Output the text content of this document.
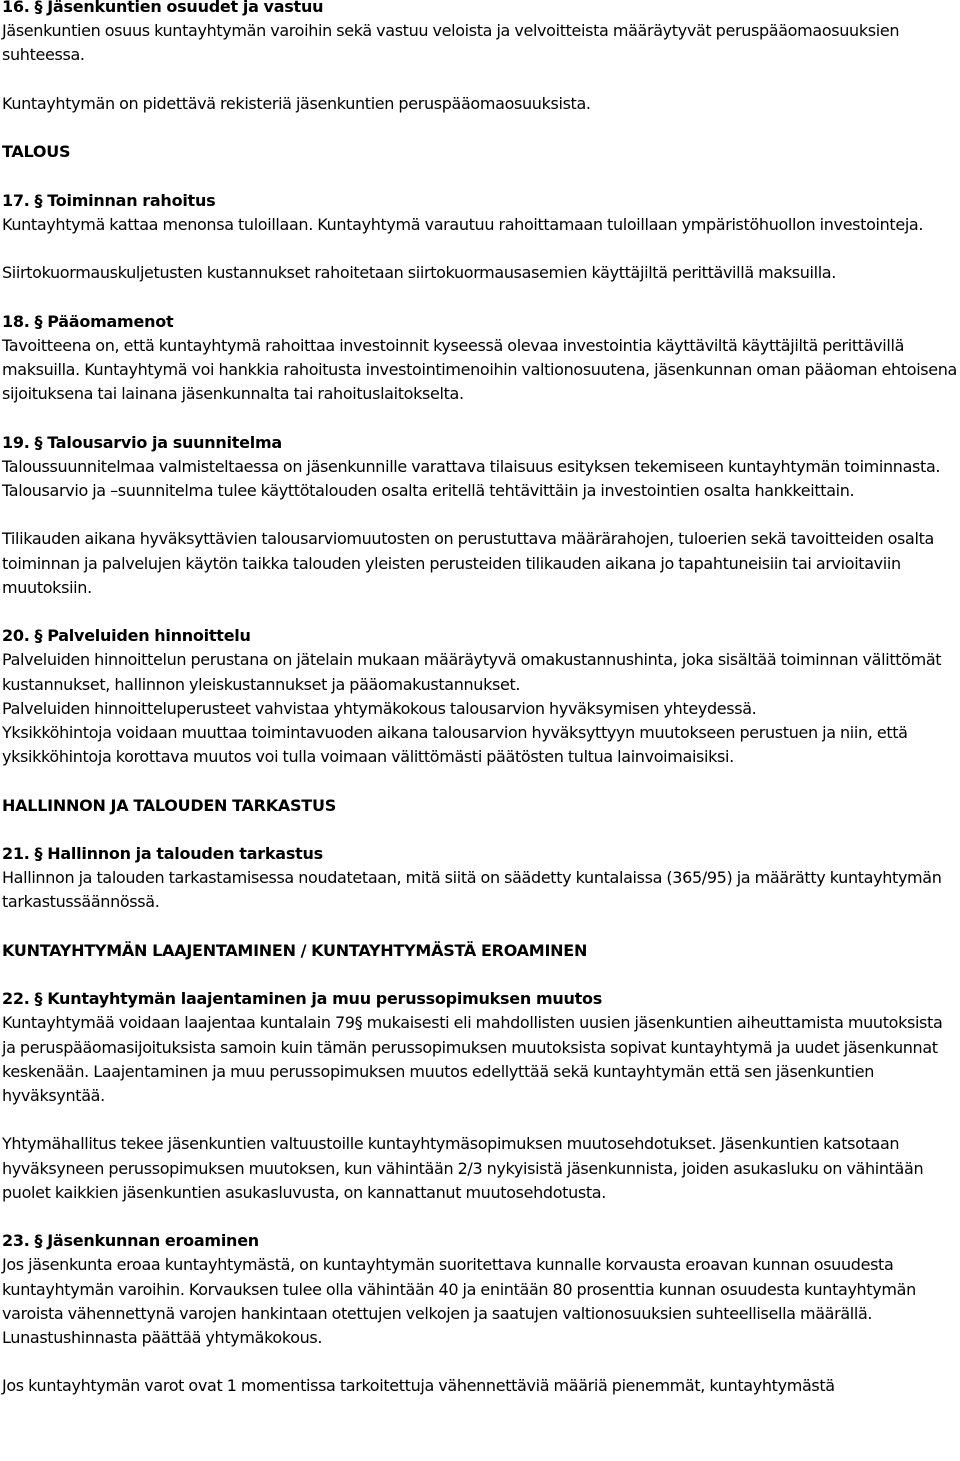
16. § Jäsenkuntien osuudet ja vastuu

Jäsenkuntien osuus kuntayhtymän varoihin sekä vastuu veloista ja velvoitteista määräytyvät peruspääomaosuuksien suhteessa.

Kuntayhtymän on pidettävä rekisteriä jäsenkuntien peruspääomaosuuksista.

TALOUS

17. § Toiminnan rahoitus

Kuntayhtymä kattaa menonsa tuloillaan. Kuntayhtymä varautuu rahoittamaan tuloillaan ympäristöhuollon investointeja.

Siirtokuormauskuljetusten kustannukset rahoitetaan siirtokuormausasemien käyttäjiltä perittävillä maksuilla.

18. § Pääomamenot

Tavoitteena on, että kuntayhtymä rahoittaa investoinnit kyseessä olevaa investointia käyttäviltä käyttäjiltä perittävillä maksuilla. Kuntayhtymä voi hankkia rahoitusta investointimenoihin valtionosuutena, jäsenkunnan oman pääoman ehtoisena sijoituksena tai lainana jäsenkunnalta tai rahoituslaitokselta.

19. § Talousarvio ja suunnitelma

Taloussuunnitelmaa valmisteltaessa on jäsenkunnille varattava tilaisuus esityksen tekemiseen kuntayhtymän toiminnasta. Talousarvio ja –suunnitelma tulee käyttötalouden osalta eritellä tehtävittäin ja investointien osalta hankkeittain.

Tilikauden aikana hyväksyttävien talousarviomuutosten on perustuttava määrärahojen, tuloerien sekä tavoitteiden osalta toiminnan ja palvelujen käytön taikka talouden yleisten perusteiden tilikauden aikana jo tapahtuneisiin tai arvioitaviin muutoksiin.

20. § Palveluiden hinnoittelu

Palveluiden hinnoittelun perustana on jätelain mukaan määräytyvä omakustannushinta, joka sisältää toiminnan välittömät kustannukset, hallinnon yleiskustannukset ja pääomakustannukset.

Palveluiden hinnoitteluperusteet vahvistaa yhtymäkokous talousarvion hyväksymisen yhteydessä.

Yksikköhintoja voidaan muuttaa toimintavuoden aikana talousarvion hyväksyttyyn muutokseen perustuen ja niin, että yksikköhintoja korottava muutos voi tulla voimaan välittömästi päätösten tultua lainvoimaisiksi.

HALLINNON JA TALOUDEN TARKASTUS

21. § Hallinnon ja talouden tarkastus

Hallinnon ja talouden tarkastamisessa noudatetaan, mitä siitä on säädetty kuntalaissa (365/95) ja määrätty kuntayhtymän tarkastussäännössä.

KUNTAYHTYMÄN LAAJENTAMINEN / KUNTAYHTYMÄSTÄ EROAMINEN

22. § Kuntayhtymän laajentaminen ja muu perussopimuksen muutos

Kuntayhtymää voidaan laajentaa kuntalain 79§ mukaisesti eli mahdollisten uusien jäsenkuntien aiheuttamista muutoksista ja peruspääomasijoituksista samoin kuin tämän perussopimuksen muutoksista sopivat kuntayhtymä ja uudet jäsenkunnat keskenään. Laajentaminen ja muu perussopimuksen muutos edellyttää sekä kuntayhtymän että sen jäsenkuntien hyväksyntää.

Yhtymähallitus tekee jäsenkuntien valtuustoille kuntayhtymäsopimuksen muutosehdotukset. Jäsenkuntien katsotaan hyväksyneen perussopimuksen muutoksen, kun vähintään 2/3 nykyisistä jäsenkunnista, joiden asukasluku on vähintään puolet kaikkien jäsenkuntien asukasluvusta, on kannattanut muutosehdotusta.

23. § Jäsenkunnan eroaminen

Jos jäsenkunta eroaa kuntayhtymästä, on kuntayhtymän suoritettava kunnalle korvausta eroavan kunnan osuudesta kuntayhtymän varoihin. Korvauksen tulee olla vähintään 40 ja enintään 80 prosenttia kunnan osuudesta kuntayhtymän varoista vähennettynä varojen hankintaan otettujen velkojen ja saatujen valtionosuuksien suhteellisella määrällä. Lunastushinnasta päättää yhtymäkokous.

Jos kuntayhtymän varot ovat 1 momentissa tarkoitettuja vähennettäviä määriä pienemmät, kuntayhtymästä
